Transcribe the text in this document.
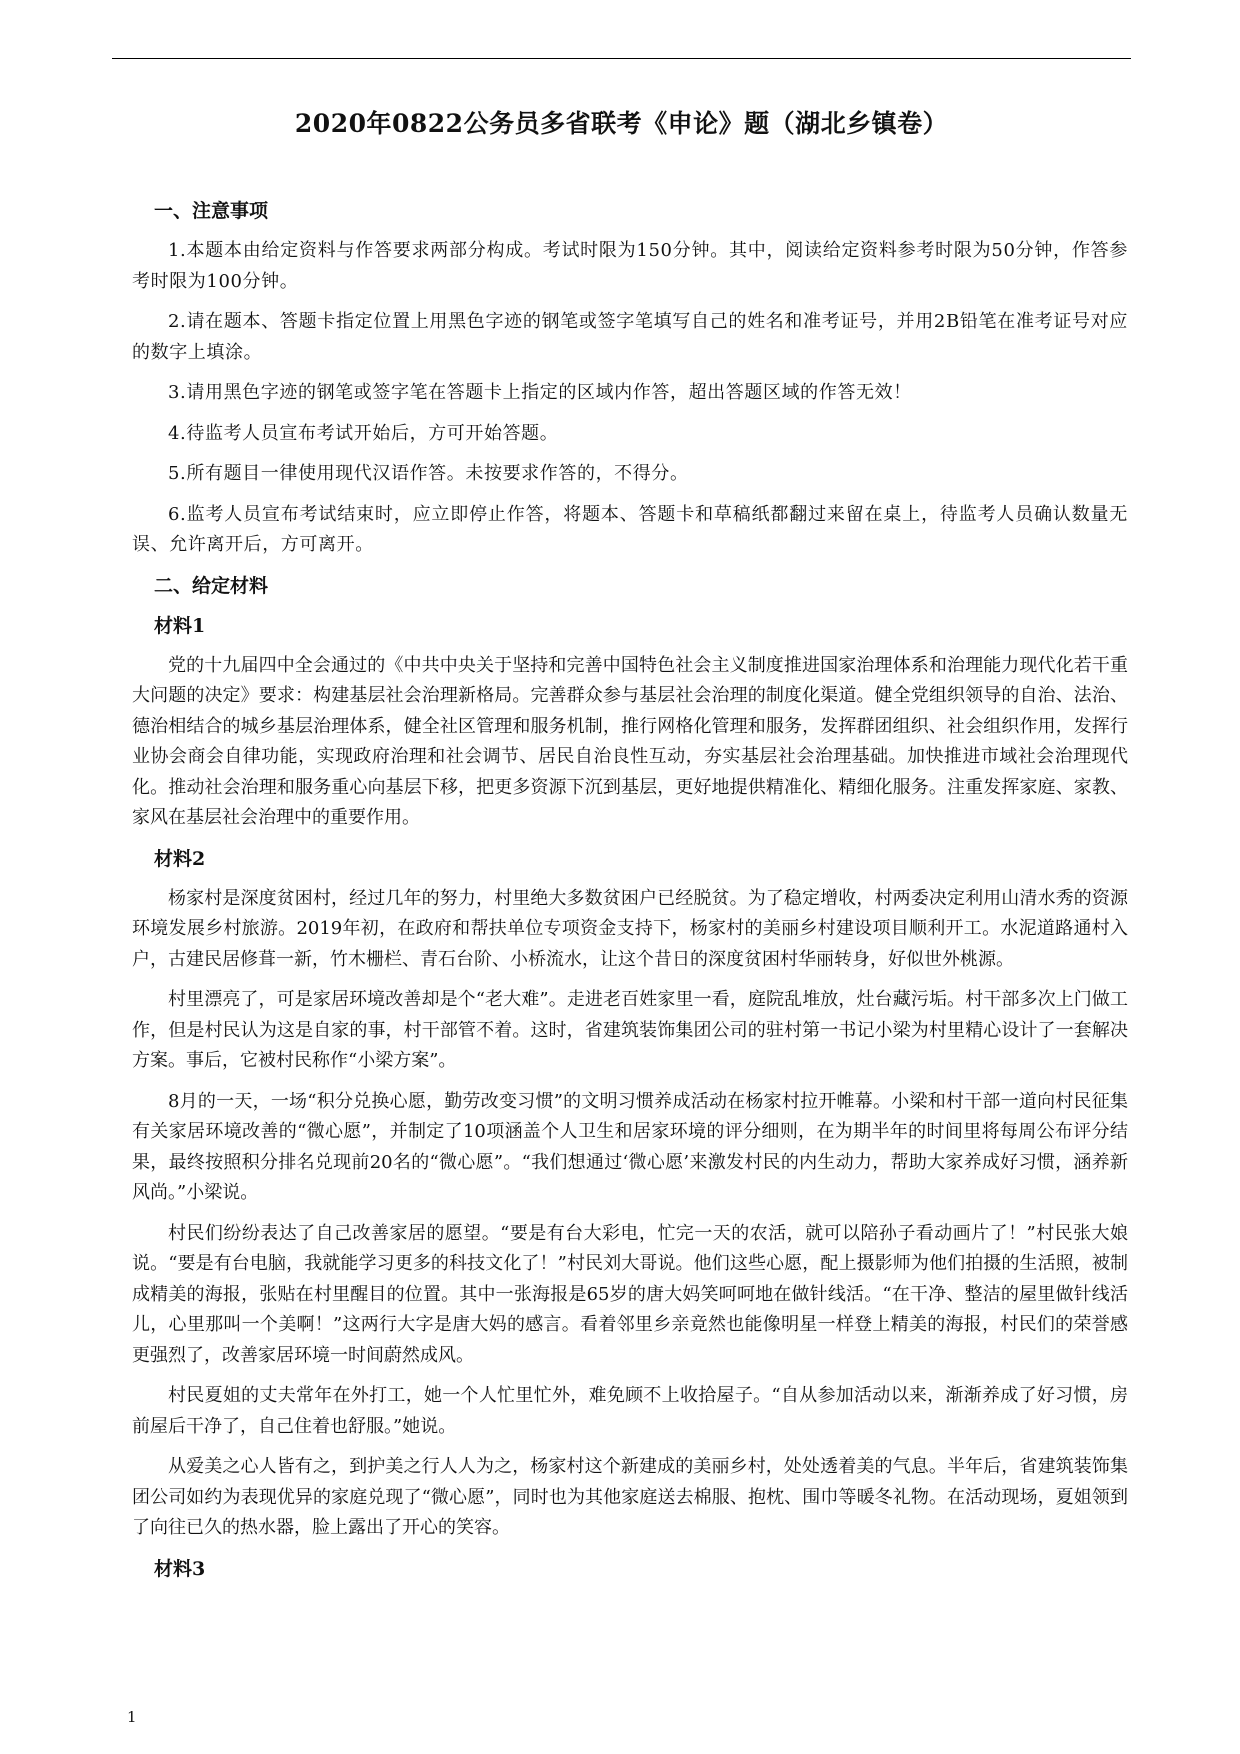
2020年0822公务员多省联考《申论》题（湖北乡镇卷）
一、注意事项
1.本题本由给定资料与作答要求两部分构成。考试时限为150分钟。其中，阅读给定资料参考时限为50分钟，作答参考时限为100分钟。
2.请在题本、答题卡指定位置上用黑色字迹的钢笔或签字笔填写自己的姓名和准考证号，并用2B铅笔在准考证号对应的数字上填涂。
3.请用黑色字迹的钢笔或签字笔在答题卡上指定的区域内作答，超出答题区域的作答无效！
4.待监考人员宣布考试开始后，方可开始答题。
5.所有题目一律使用现代汉语作答。未按要求作答的，不得分。
6.监考人员宣布考试结束时，应立即停止作答，将题本、答题卡和草稿纸都翻过来留在桌上，待监考人员确认数量无误、允许离开后，方可离开。
二、给定材料
材料1
党的十九届四中全会通过的《中共中央关于坚持和完善中国特色社会主义制度推进国家治理体系和治理能力现代化若干重大问题的决定》要求：构建基层社会治理新格局。完善群众参与基层社会治理的制度化渠道。健全党组织领导的自治、法治、德治相结合的城乡基层治理体系，健全社区管理和服务机制，推行网格化管理和服务，发挥群团组织、社会组织作用，发挥行业协会商会自律功能，实现政府治理和社会调节、居民自治良性互动，夯实基层社会治理基础。加快推进市域社会治理现代化。推动社会治理和服务重心向基层下移，把更多资源下沉到基层，更好地提供精准化、精细化服务。注重发挥家庭、家教、家风在基层社会治理中的重要作用。
材料2
杨家村是深度贫困村，经过几年的努力，村里绝大多数贫困户已经脱贫。为了稳定增收，村两委决定利用山清水秀的资源环境发展乡村旅游。2019年初，在政府和帮扶单位专项资金支持下，杨家村的美丽乡村建设项目顺利开工。水泥道路通村入户，古建民居修葺一新，竹木栅栏、青石台阶、小桥流水，让这个昔日的深度贫困村华丽转身，好似世外桃源。
村里漂亮了，可是家居环境改善却是个“老大难”。走进老百姓家里一看，庭院乱堆放，灶台藏污垢。村干部多次上门做工作，但是村民认为这是自家的事，村干部管不着。这时，省建筑装饰集团公司的驻村第一书记小梁为村里精心设计了一套解决方案。事后，它被村民称作“小梁方案”。
8月的一天，一场“积分兑换心愿，勤劳改变习惯”的文明习惯养成活动在杨家村拉开帷幕。小梁和村干部一道向村民征集有关家居环境改善的“微心愿”，并制定了10项涵盖个人卫生和居家环境的评分细则，在为期半年的时间里将每周公布评分结果，最终按照积分排名兑现前20名的“微心愿”。“我们想通过‘微心愿’来激发村民的内生动力，帮助大家养成好习惯，涵养新风尚。”小梁说。
村民们纷纷表达了自己改善家居的愿望。“要是有台大彩电，忙完一天的农活，就可以陪孙子看动画片了！”村民张大娘说。“要是有台电脑，我就能学习更多的科技文化了！”村民刘大哥说。他们这些心愿，配上摄影师为他们拍摄的生活照，被制成精美的海报，张贴在村里醒目的位置。其中一张海报是65岁的唐大妈笑呵呵地在做针线活。“在干净、整洁的屋里做针线活儿，心里那叫一个美啊！”这两行大字是唐大妈的感言。看着邻里乡亲竟然也能像明星一样登上精美的海报，村民们的荣誉感更强烈了，改善家居环境一时间蔚然成风。
村民夏姐的丈夫常年在外打工，她一个人忙里忙外，难免顾不上收拾屋子。“自从参加活动以来，渐渐养成了好习惯，房前屋后干净了，自己住着也舒服。”她说。
从爱美之心人皆有之，到护美之行人人为之，杨家村这个新建成的美丽乡村，处处透着美的气息。半年后，省建筑装饰集团公司如约为表现优异的家庭兑现了“微心愿”，同时也为其他家庭送去棉服、抱枕、围巾等暖冬礼物。在活动现场，夏姐领到了向往已久的热水器，脸上露出了开心的笑容。
材料3
1
